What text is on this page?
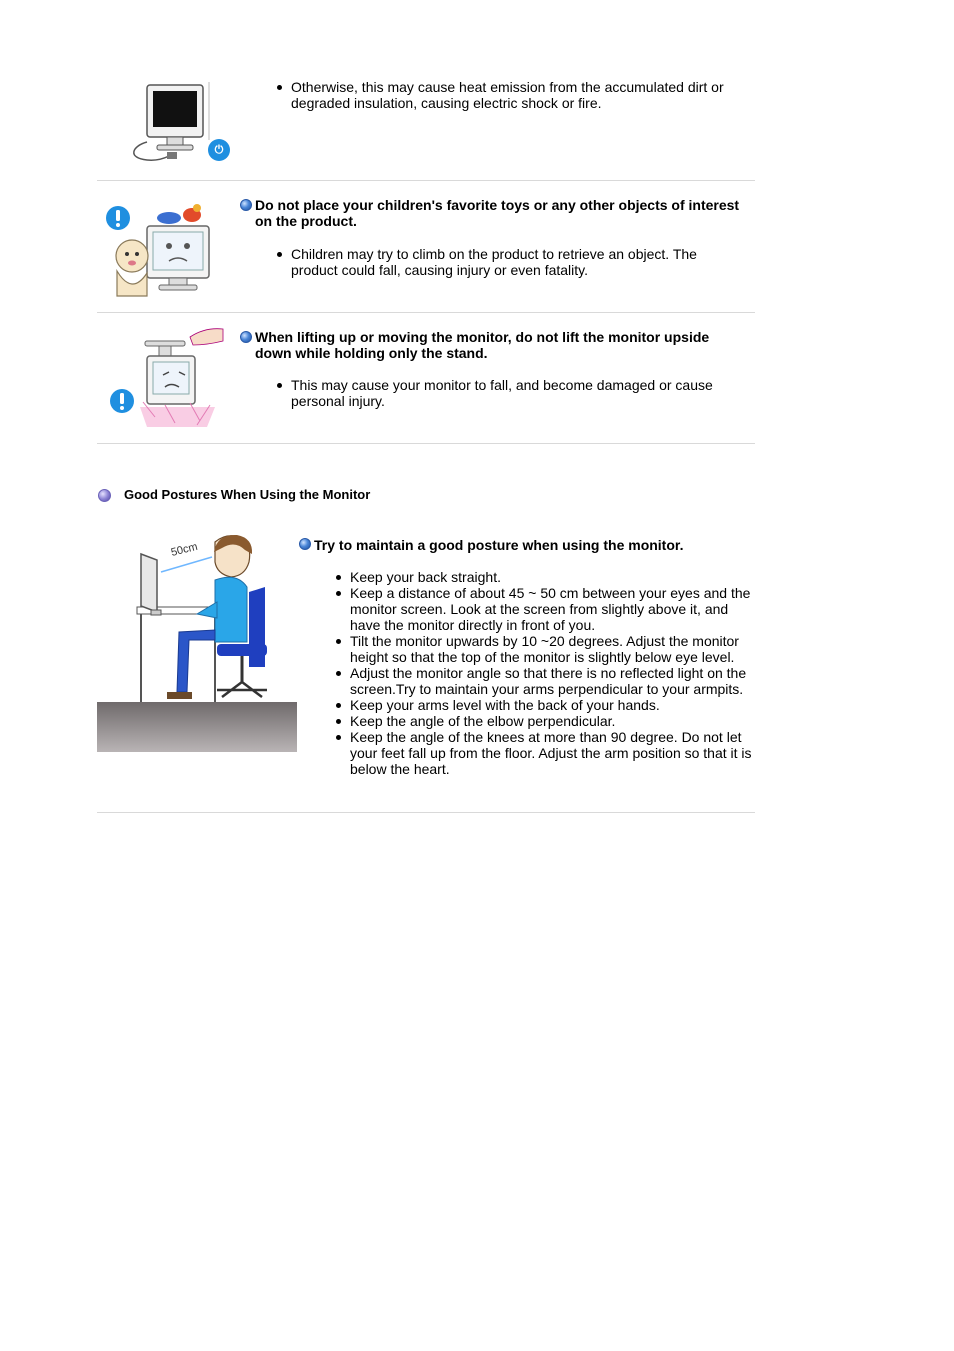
⏻
Otherwise, this may cause heat emission from the accumulated dirt or degraded insulation, causing electric shock or fire.
Do not place your children's favorite toys or any other objects of interest on the product.
Children may try to climb on the product to retrieve an object. The product could fall, causing injury or even fatality.
When lifting up or moving the monitor, do not lift the monitor upside down while holding only the stand.
This may cause your monitor to fall, and become damaged or cause personal injury.
Good Postures When Using the Monitor
50cm	Try to maintain a good posture when using the monitor.
Keep your back straight.
Keep a distance of about 45 ~ 50 cm between your eyes and the monitor screen. Look at the screen from slightly above it, and have the monitor directly in front of you.
Tilt the monitor upwards by 10 ~20 degrees. Adjust the monitor height so that the top of the monitor is slightly below eye level.
Adjust the monitor angle so that there is no reflected light on the screen.Try to maintain your arms perpendicular to your armpits.
Keep your arms level with the back of your hands.
Keep the angle of the elbow perpendicular.
Keep the angle of the knees at more than 90 degree. Do not let your feet fall up from the floor. Adjust the arm position so that it is below the heart.
